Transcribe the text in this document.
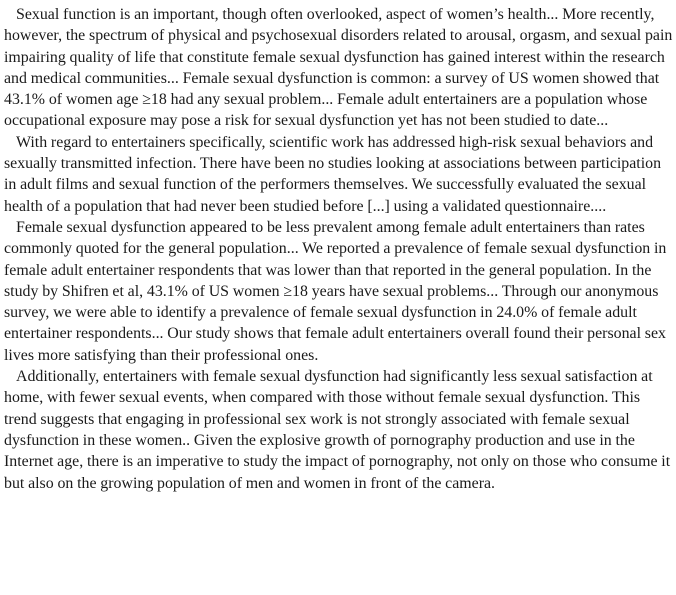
Sexual function is an important, though often overlooked, aspect of women’s health... More recently, however, the spectrum of physical and psychosexual disorders related to arousal, orgasm, and sexual pain impairing quality of life that constitute female sexual dysfunction has gained interest within the research and medical communities... Female sexual dysfunction is common: a survey of US women showed that 43.1% of women age ≥18 had any sexual problem... Female adult entertainers are a population whose occupational exposure may pose a risk for sexual dysfunction yet has not been studied to date...

With regard to entertainers specifically, scientific work has addressed high-risk sexual behaviors and sexually transmitted infection. There have been no studies looking at associations between participation in adult films and sexual function of the performers themselves. We successfully evaluated the sexual health of a population that had never been studied before [...] using a validated questionnaire....

Female sexual dysfunction appeared to be less prevalent among female adult entertainers than rates commonly quoted for the general population... We reported a prevalence of female sexual dysfunction in female adult entertainer respondents that was lower than that reported in the general population. In the study by Shifren et al, 43.1% of US women ≥18 years have sexual problems... Through our anonymous survey, we were able to identify a prevalence of female sexual dysfunction in 24.0% of female adult entertainer respondents... Our study shows that female adult entertainers overall found their personal sex lives more satisfying than their professional ones.

Additionally, entertainers with female sexual dysfunction had significantly less sexual satisfaction at home, with fewer sexual events, when compared with those without female sexual dysfunction. This trend suggests that engaging in professional sex work is not strongly associated with female sexual dysfunction in these women.. Given the explosive growth of pornography production and use in the Internet age, there is an imperative to study the impact of pornography, not only on those who consume it but also on the growing population of men and women in front of the camera.
